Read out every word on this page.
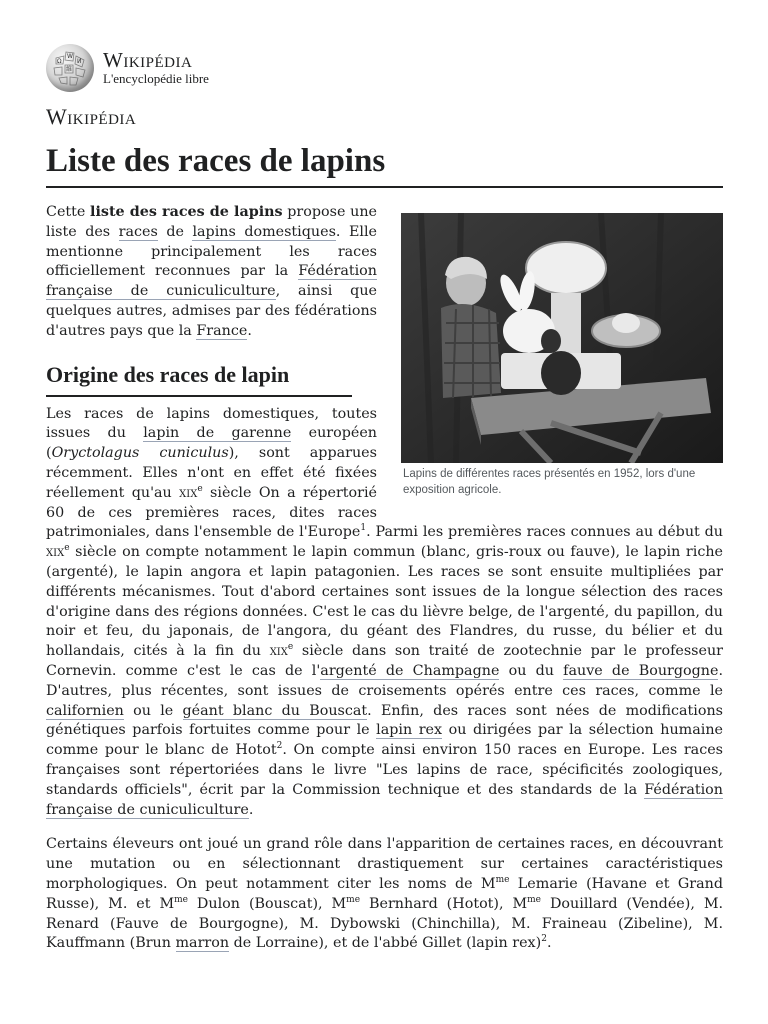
Ω
W
И
維 Wikipédia
L'encyclopédie libre
Wikipédia
Liste des races de lapins
Lapins de différentes races présentés en 1952, lors d'une exposition agricole.

Cette liste des races de lapins propose une liste des races de lapins domestiques. Elle mentionne principalement les races officiellement reconnues par la Fédération française de cuniculiculture, ainsi que quelques autres, admises par des fédérations d'autres pays que la France.

Origine des races de lapin

Les races de lapins domestiques, toutes issues du lapin de garenne européen (Oryctolagus cuniculus), sont apparues récemment. Elles n'ont en effet été fixées réellement qu'au xix$^e$ siècle On a répertorié 60 de ces premières races, dites races patrimoniales, dans l'ensemble de l'Europe$^1$. Parmi les premières races connues au début du xix$^e$ siècle on compte notamment le lapin commun (blanc, gris-roux ou fauve), le lapin riche (argenté), le lapin angora et lapin patagonien. Les races se sont ensuite multipliées par différents mécanismes. Tout d'abord certaines sont issues de la longue sélection des races d'origine dans des régions données. C'est le cas du lièvre belge, de l'argenté, du papillon, du noir et feu, du japonais, de l'angora, du géant des Flandres, du russe, du bélier et du hollandais, cités à la fin du xix$^e$ siècle dans son traité de zootechnie par le professeur Cornevin. comme c'est le cas de l'argenté de Champagne ou du fauve de Bourgogne. D'autres, plus récentes, sont issues de croisements opérés entre ces races, comme le californien ou le géant blanc du Bouscat. Enfin, des races sont nées de modifications génétiques parfois fortuites comme pour le lapin rex ou dirigées par la sélection humaine comme pour le blanc de Hotot$^2$. On compte ainsi environ 150 races en Europe. Les races françaises sont répertoriées dans le livre "Les lapins de race, spécificités zoologiques, standards officiels", écrit par la Commission technique et des standards de la Fédération française de cuniculiculture.

Certains éleveurs ont joué un grand rôle dans l'apparition de certaines races, en découvrant une mutation ou en sélectionnant drastiquement sur certaines caractéristiques morphologiques. On peut notamment citer les noms de $M^{me}$ Lemarie (Havane et Grand Russe), M. et $M^{me}$ Dulon (Bouscat), $M^{me}$ Bernhard (Hotot), $M^{me}$ Douillard (Vendée), M. Renard (Fauve de Bourgogne), M. Dybowski (Chinchilla), M. Fraineau (Zibeline), M. Kauffmann (Brun marron de Lorraine), et de l'abbé Gillet (lapin rex)$^2$.
